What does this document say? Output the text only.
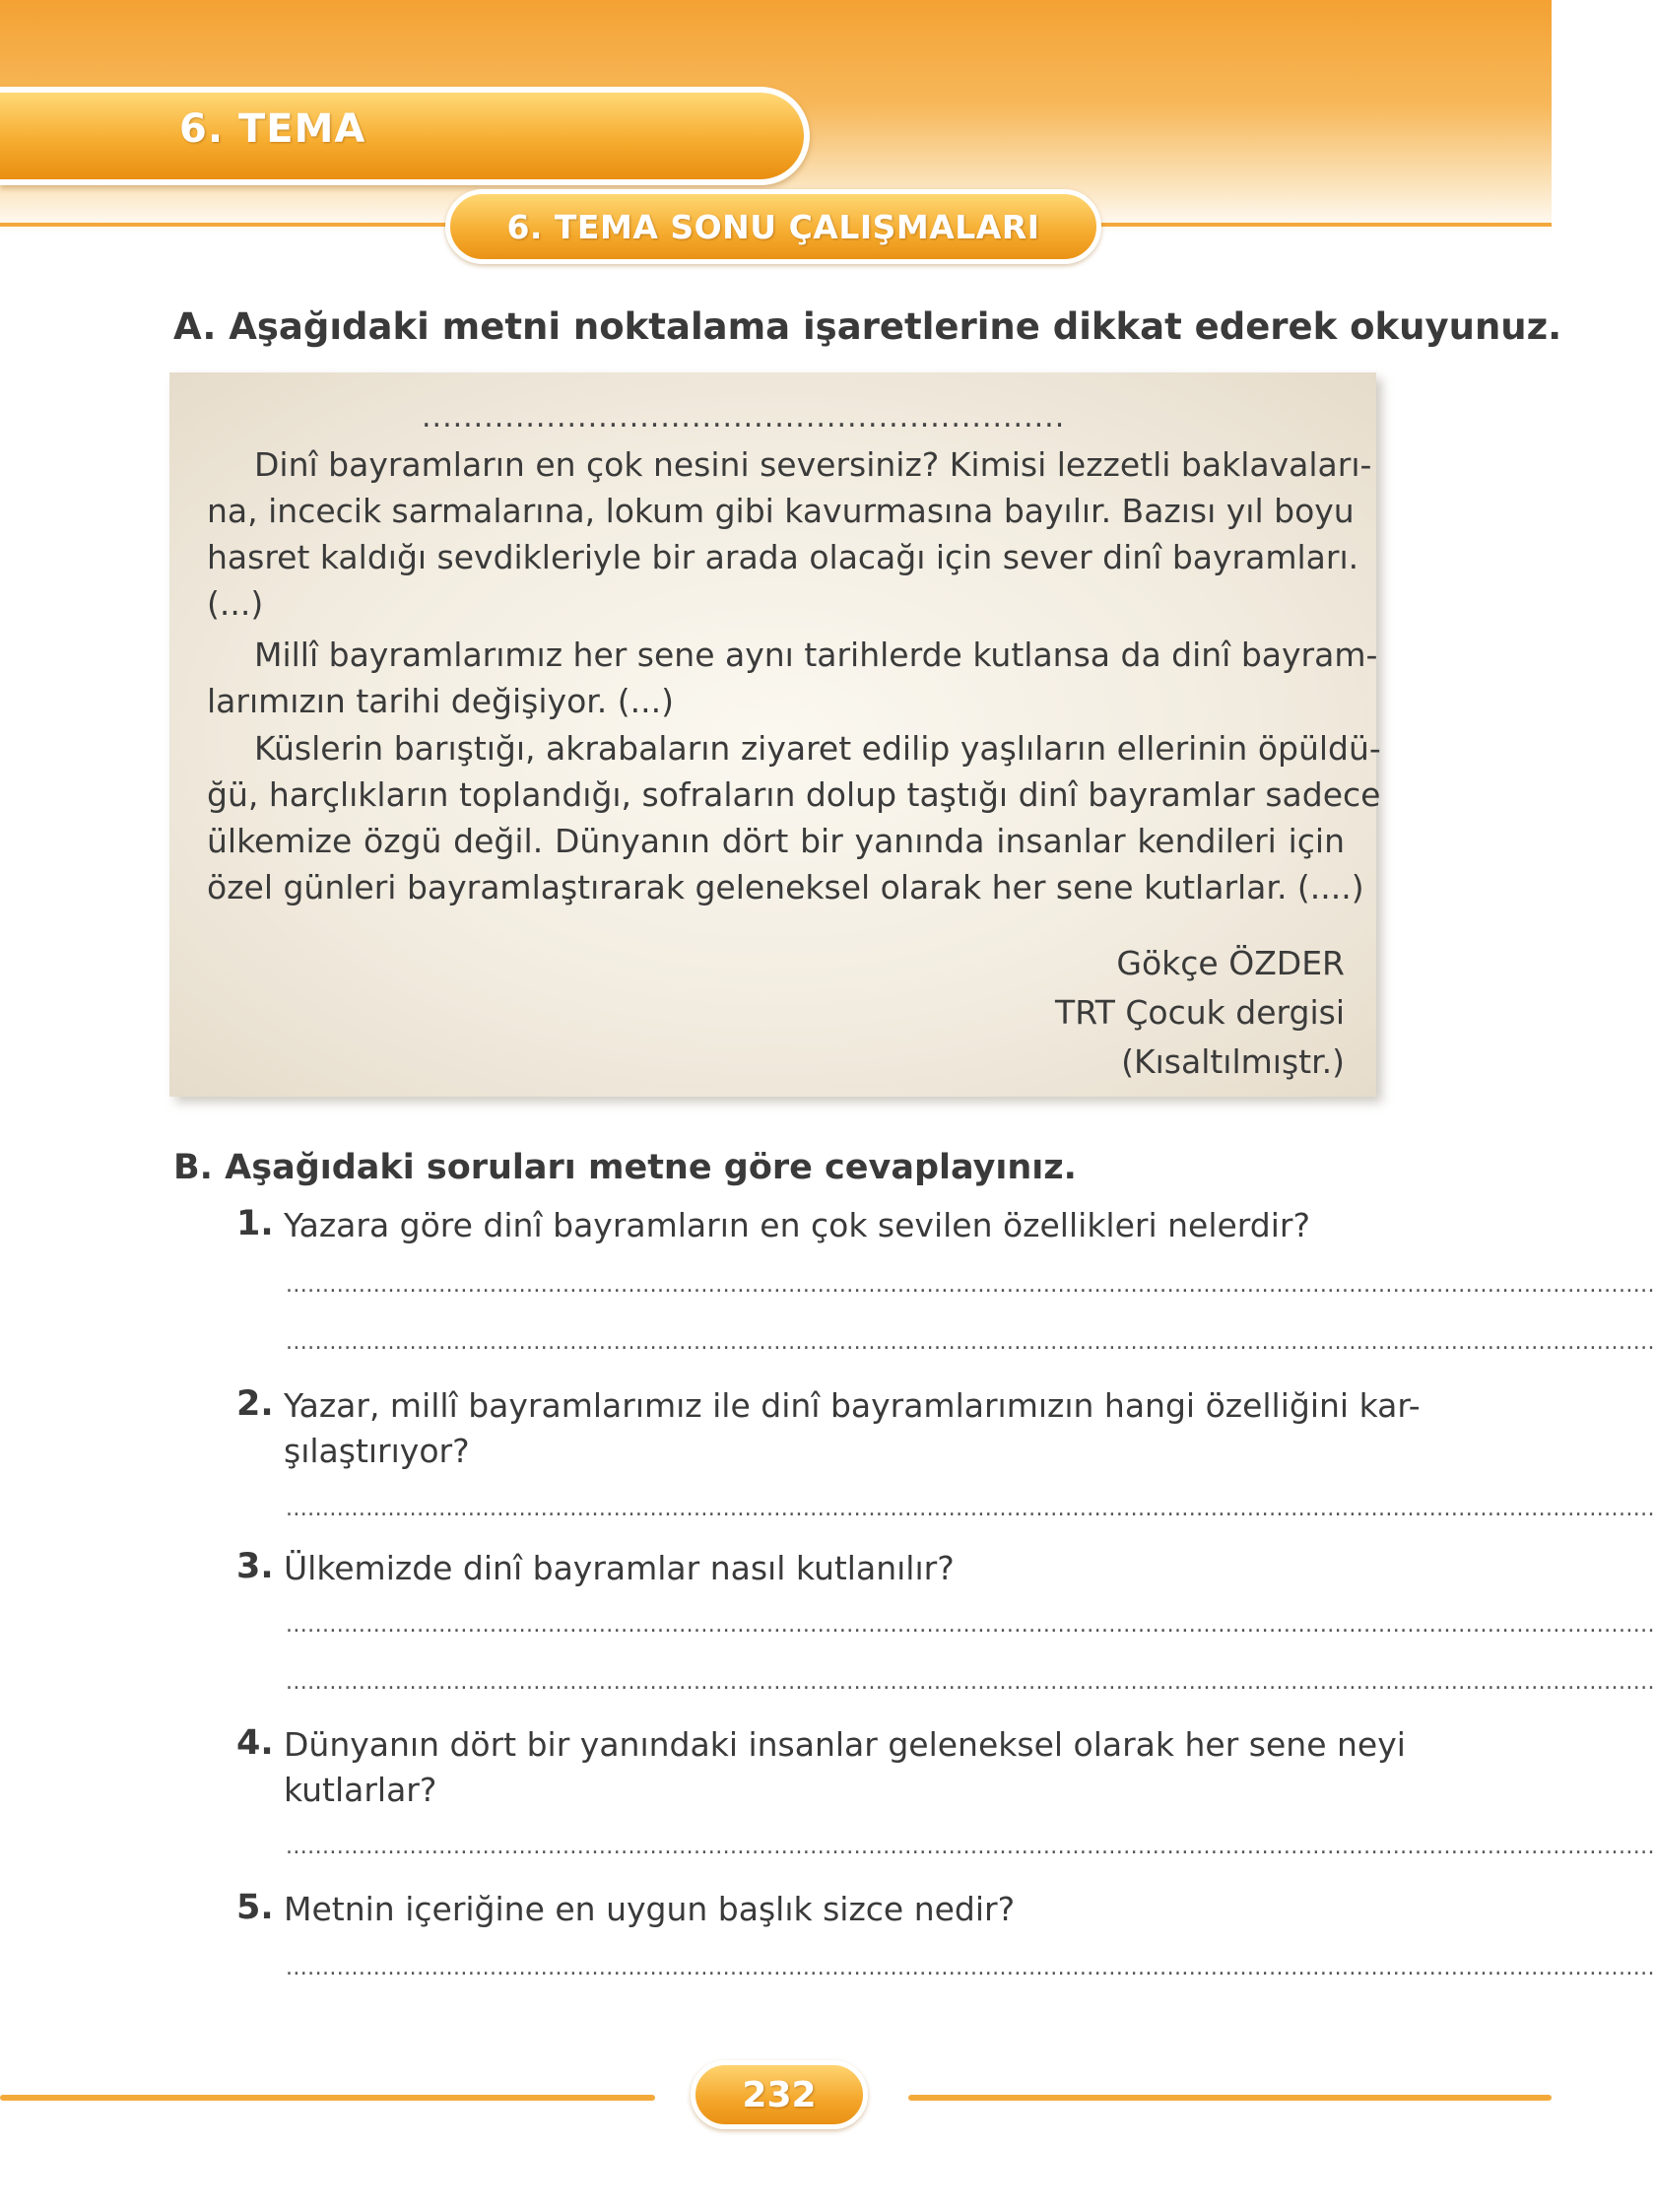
6. TEMA
6. TEMA SONU ÇALIŞMALARI
A. Aşağıdaki metni noktalama işaretlerine dikkat ederek okuyunuz.
..............................................................
Dinî bayramların en çok nesini seversiniz? Kimisi lezzetli baklavaları-
na, incecik sarmalarına, lokum gibi kavurmasına bayılır. Bazısı yıl boyu
hasret kaldığı sevdikleriyle bir arada olacağı için sever dinî bayramları.
(...)
Millî bayramlarımız her sene aynı tarihlerde kutlansa da dinî bayram-
larımızın tarihi değişiyor. (...)
Küslerin barıştığı, akrabaların ziyaret edilip yaşlıların ellerinin öpüldü-
ğü, harçlıkların toplandığı, sofraların dolup taştığı dinî bayramlar sadece
ülkemize özgü değil. Dünyanın dört bir yanında insanlar kendileri için
özel günleri bayramlaştırarak geleneksel olarak her sene kutlarlar. (....)
Gökçe ÖZDER
TRT Çocuk dergisi
(Kısaltılmıştr.)
B. Aşağıdaki soruları metne göre cevaplayınız.
1. Yazara göre dinî bayramların en çok sevilen özellikleri nelerdir?
............................................................................................................................................................................................
............................................................................................................................................................................................
2. Yazar, millî bayramlarımız ile dinî bayramlarımızın hangi özelliğini kar-
şılaştırıyor?
............................................................................................................................................................................................
3. Ülkemizde dinî bayramlar nasıl kutlanılır?
............................................................................................................................................................................................
............................................................................................................................................................................................
4. Dünyanın dört bir yanındaki insanlar geleneksel olarak her sene neyi
kutlarlar?
............................................................................................................................................................................................
5. Metnin içeriğine en uygun başlık sizce nedir?
............................................................................................................................................................................................
232
